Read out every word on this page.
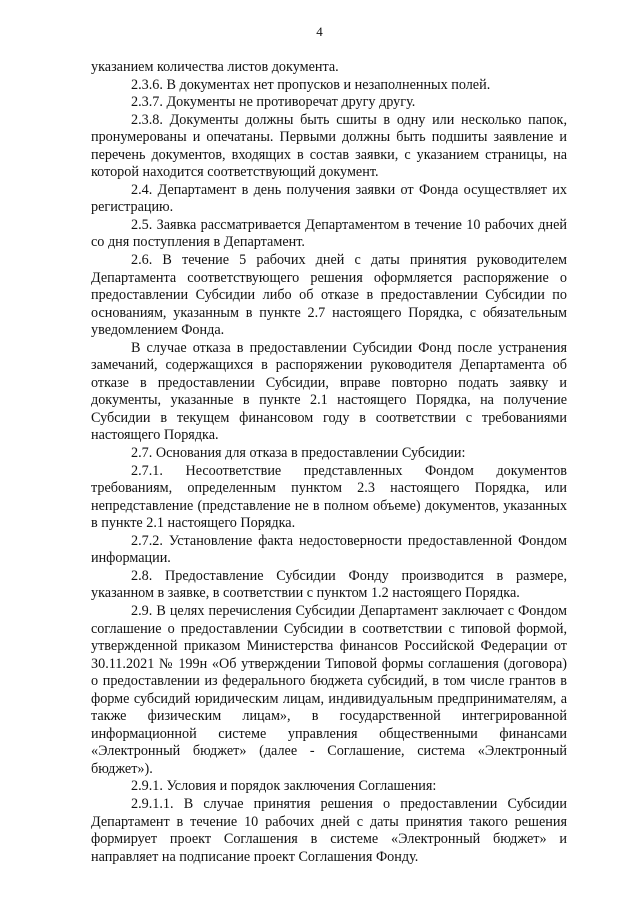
4

указанием количества листов документа.

2.3.6. В документах нет пропусков и незаполненных полей.

2.3.7. Документы не противоречат другу другу.

2.3.8. Документы должны быть сшиты в одну или несколько папок, пронумерованы и опечатаны. Первыми должны быть подшиты заявление и перечень документов, входящих в состав заявки, с указанием страницы, на которой находится соответствующий документ.

2.4. Департамент в день получения заявки от Фонда осуществляет их регистрацию.

2.5. Заявка рассматривается Департаментом в течение 10 рабочих дней со дня поступления в Департамент.

2.6. В течение 5 рабочих дней с даты принятия руководителем Департамента соответствующего решения оформляется распоряжение о предоставлении Субсидии либо об отказе в предоставлении Субсидии по основаниям, указанным в пункте 2.7 настоящего Порядка, с обязательным уведомлением Фонда.

В случае отказа в предоставлении Субсидии Фонд после устранения замечаний, содержащихся в распоряжении руководителя Департамента об отказе в предоставлении Субсидии, вправе повторно подать заявку и документы, указанные в пункте 2.1 настоящего Порядка, на получение Субсидии в текущем финансовом году в соответствии с требованиями настоящего Порядка.

2.7. Основания для отказа в предоставлении Субсидии:

2.7.1. Несоответствие представленных Фондом документов требованиям, определенным пунктом 2.3 настоящего Порядка, или непредставление (представление не в полном объеме) документов, указанных в пункте 2.1 настоящего Порядка.

2.7.2. Установление факта недостоверности предоставленной Фондом информации.

2.8. Предоставление Субсидии Фонду производится в размере, указанном в заявке, в соответствии с пунктом 1.2 настоящего Порядка.

2.9. В целях перечисления Субсидии Департамент заключает с Фондом соглашение о предоставлении Субсидии в соответствии с типовой формой, утвержденной приказом Министерства финансов Российской Федерации от 30.11.2021 № 199н «Об утверждении Типовой формы соглашения (договора) о предоставлении из федерального бюджета субсидий, в том числе грантов в форме субсидий юридическим лицам, индивидуальным предпринимателям, а также физическим лицам», в государственной интегрированной информационной системе управления общественными финансами «Электронный бюджет» (далее - Соглашение, система «Электронный бюджет»).

2.9.1. Условия и порядок заключения Соглашения:

2.9.1.1. В случае принятия решения о предоставлении Субсидии Департамент в течение 10 рабочих дней с даты принятия такого решения формирует проект Соглашения в системе «Электронный бюджет» и направляет на подписание проект Соглашения Фонду.
